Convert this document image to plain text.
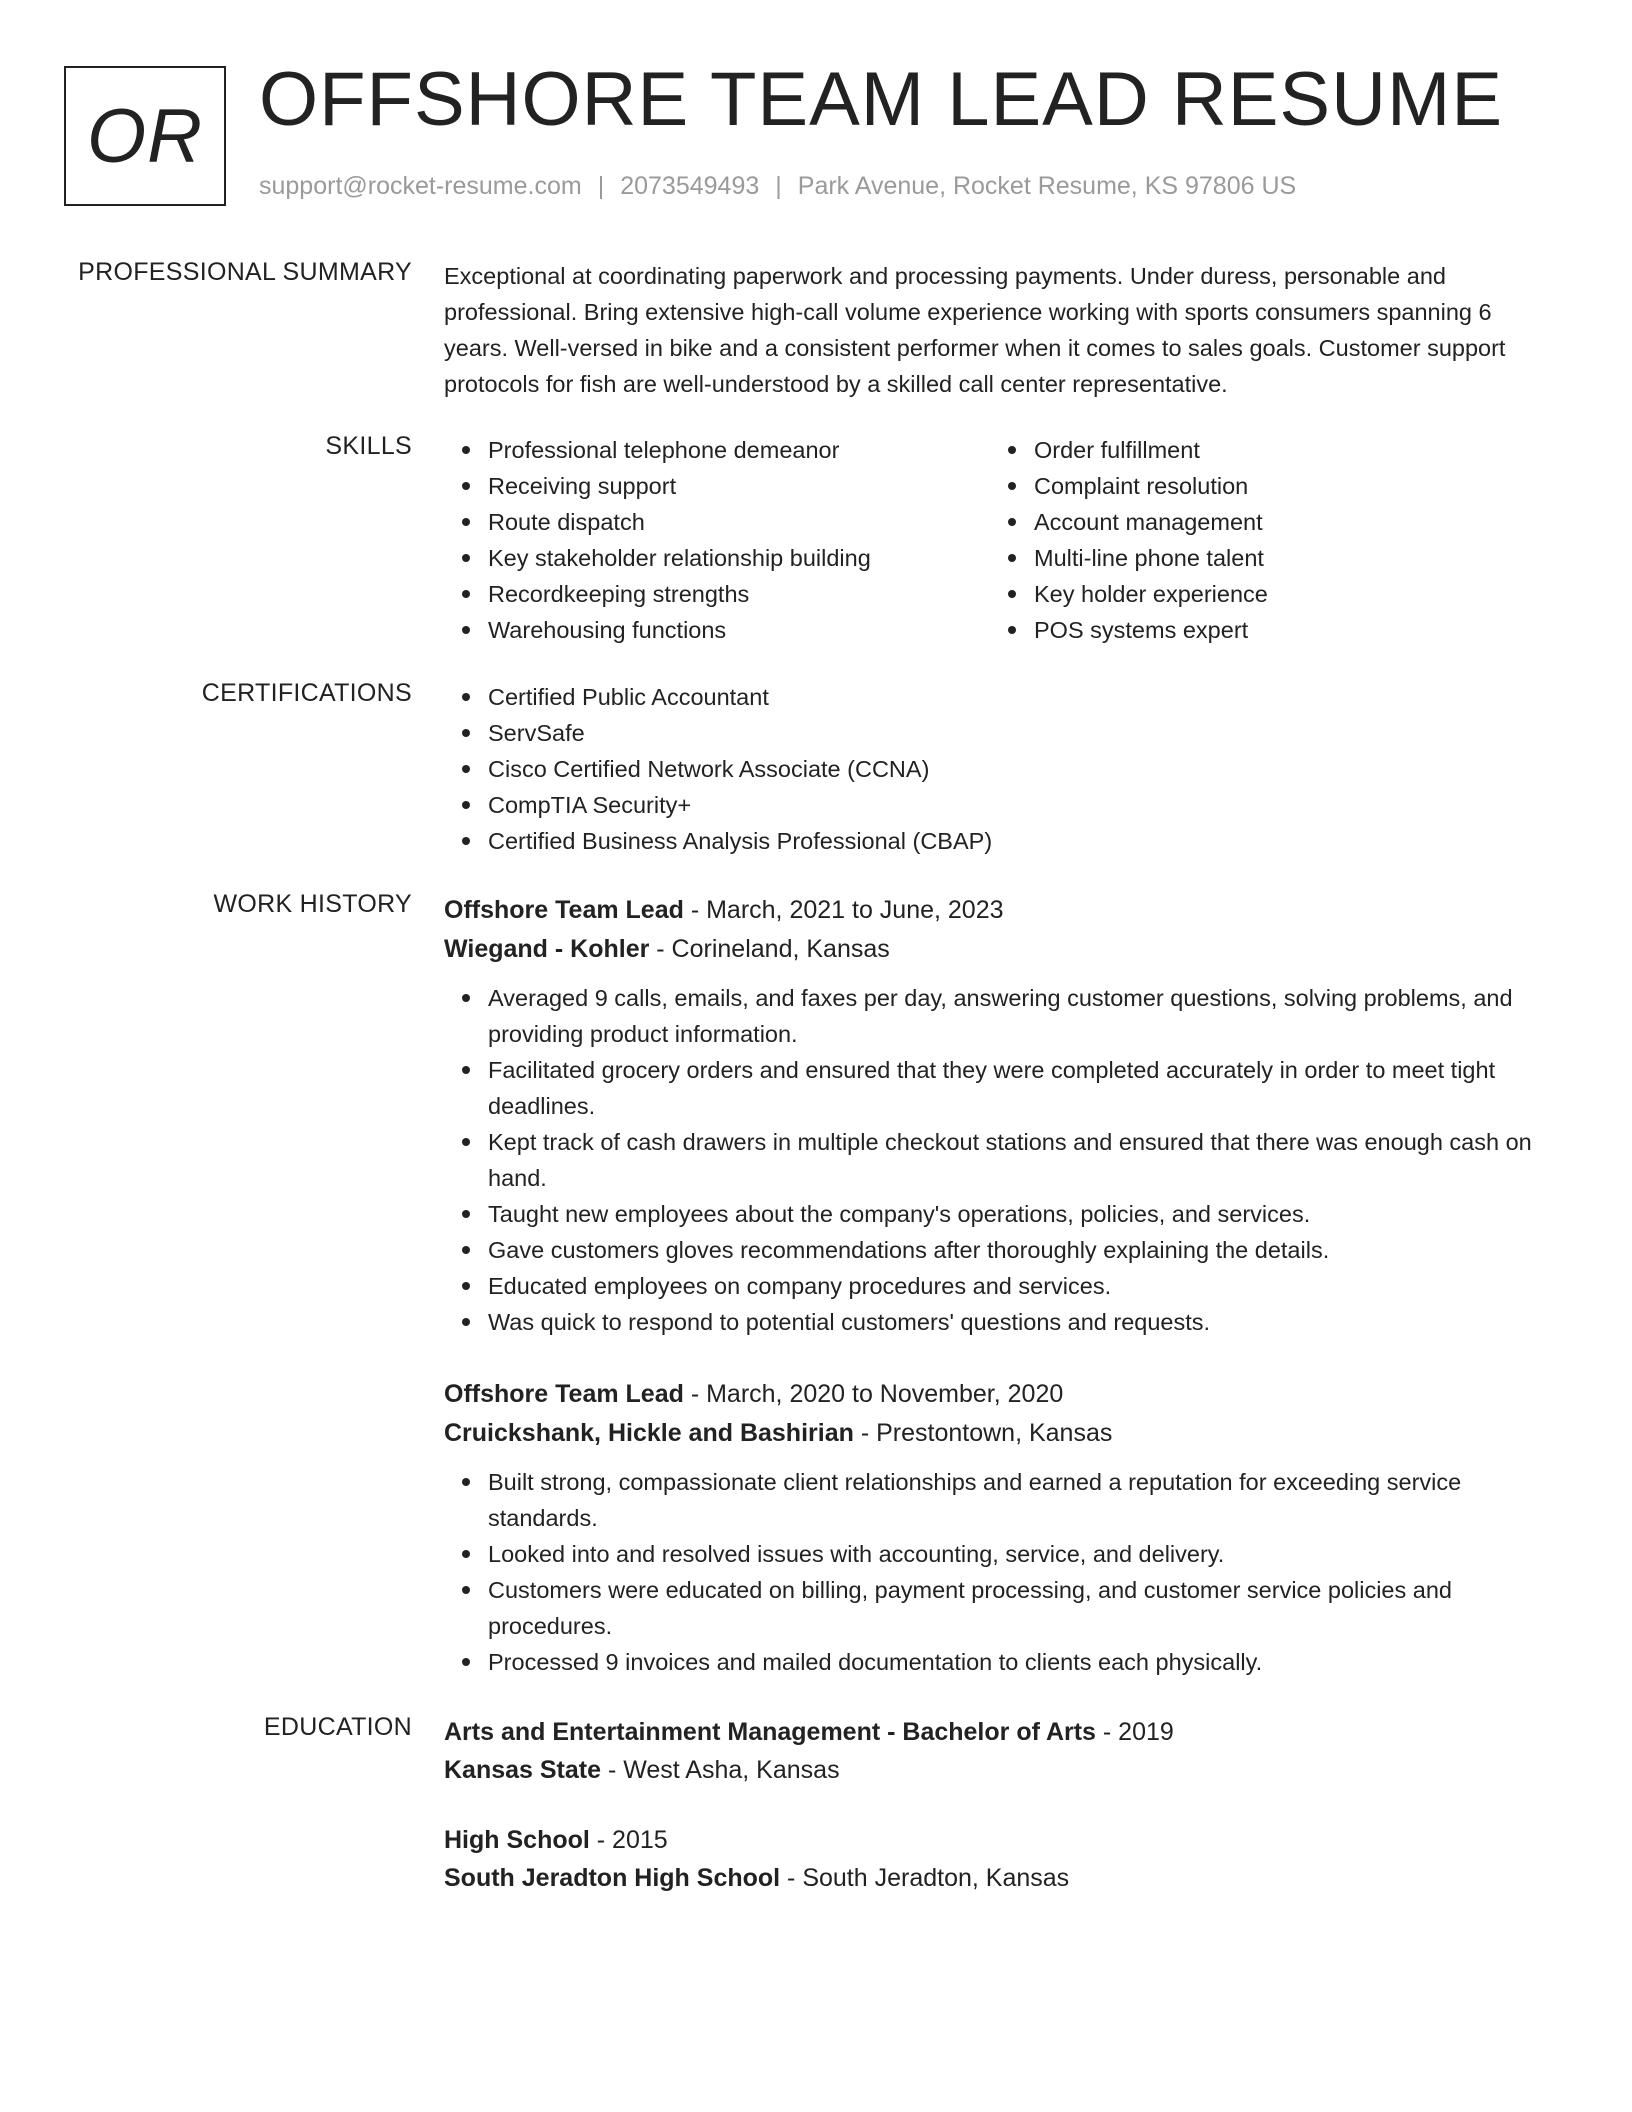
OR OFFSHORE TEAM LEAD RESUME
support@rocket-resume.com | 2073549493 | Park Avenue, Rocket Resume, KS 97806 US
PROFESSIONAL SUMMARY Exceptional at coordinating paperwork and processing payments. Under duress, personable and professional. Bring extensive high-call volume experience working with sports consumers spanning 6 years. Well-versed in bike and a consistent performer when it comes to sales goals. Customer support protocols for fish are well-understood by a skilled call center representative.
SKILLS	Professional telephone demeanor
Receiving support
Route dispatch
Key stakeholder relationship building
Recordkeeping strengths
Warehousing functions
Order fulfillment
Complaint resolution
Account management
Multi-line phone talent
Key holder experience
POS systems expert
CERTIFICATIONS	Certified Public Accountant
ServSafe
Cisco Certified Network Associate (CCNA)
CompTIA Security+
Certified Business Analysis Professional (CBAP)
WORK HISTORY Offshore Team Lead - March, 2021 to June, 2023
Wiegand - Kohler - Corineland, Kansas
Averaged 9 calls, emails, and faxes per day, answering customer questions, solving problems, and providing product information.
Facilitated grocery orders and ensured that they were completed accurately in order to meet tight deadlines.
Kept track of cash drawers in multiple checkout stations and ensured that there was enough cash on hand.
Taught new employees about the company's operations, policies, and services.
Gave customers gloves recommendations after thoroughly explaining the details.
Educated employees on company procedures and services.
Was quick to respond to potential customers' questions and requests.
Offshore Team Lead - March, 2020 to November, 2020
Cruickshank, Hickle and Bashirian - Prestontown, Kansas
Built strong, compassionate client relationships and earned a reputation for exceeding service standards.
Looked into and resolved issues with accounting, service, and delivery.
Customers were educated on billing, payment processing, and customer service policies and procedures.
Processed 9 invoices and mailed documentation to clients each physically.
EDUCATION Arts and Entertainment Management - Bachelor of Arts - 2019
Kansas State - West Asha, Kansas
High School - 2015
South Jeradton High School - South Jeradton, Kansas
